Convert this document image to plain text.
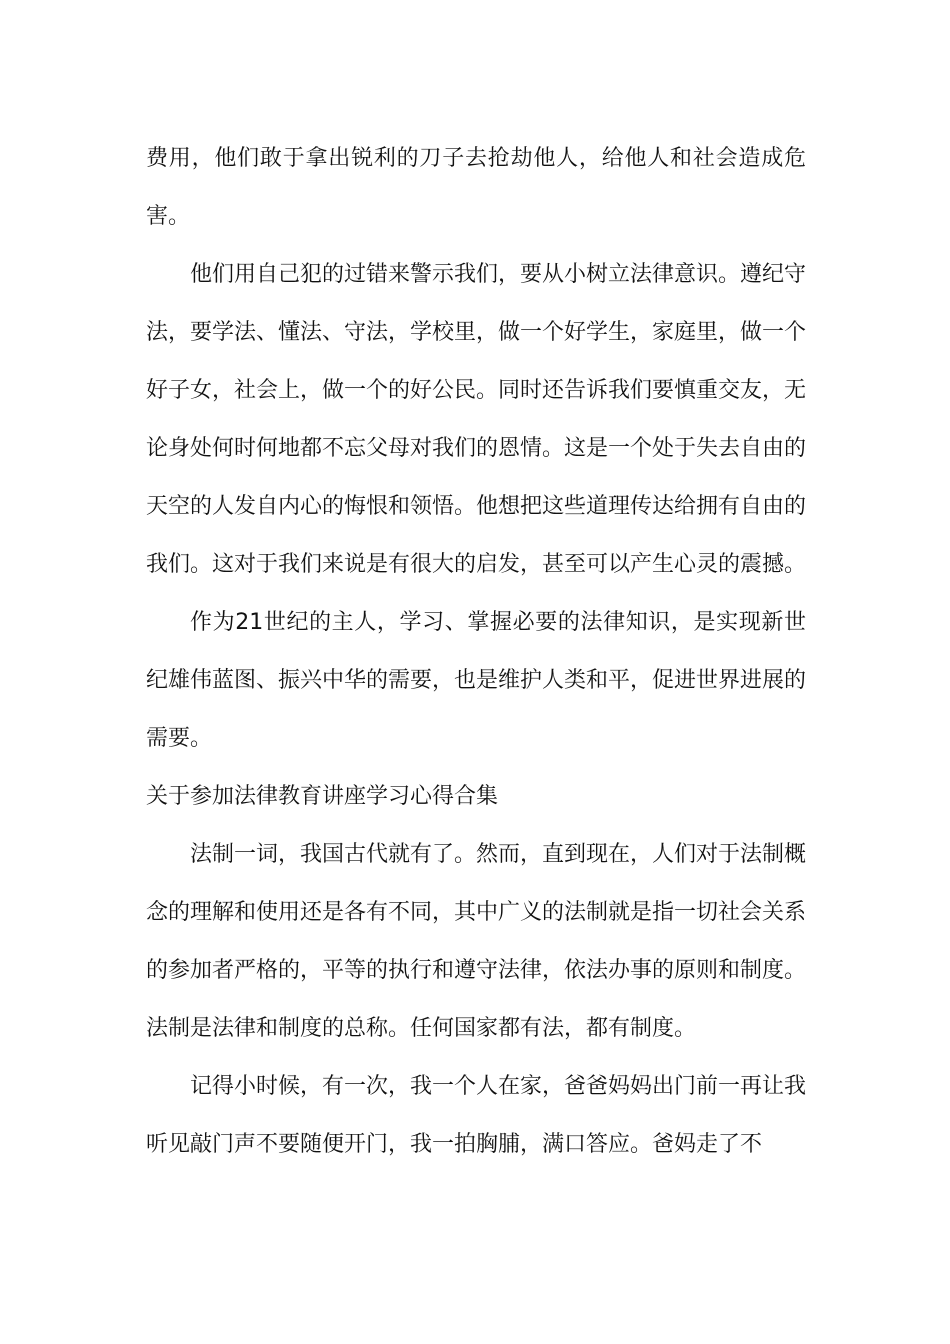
费用，他们敢于拿出锐利的刀子去抢劫他人，给他人和社会造成危害。

他们用自己犯的过错来警示我们，要从小树立法律意识。遵纪守法，要学法、懂法、守法，学校里，做一个好学生，家庭里，做一个好子女，社会上，做一个的好公民。同时还告诉我们要慎重交友，无论身处何时何地都不忘父母对我们的恩情。这是一个处于失去自由的天空的人发自内心的悔恨和领悟。他想把这些道理传达给拥有自由的我们。这对于我们来说是有很大的启发，甚至可以产生心灵的震撼。

作为21世纪的主人，学习、掌握必要的法律知识，是实现新世纪雄伟蓝图、振兴中华的需要，也是维护人类和平，促进世界进展的需要。

关于参加法律教育讲座学习心得合集

法制一词，我国古代就有了。然而，直到现在，人们对于法制概念的理解和使用还是各有不同，其中广义的法制就是指一切社会关系的参加者严格的，平等的执行和遵守法律，依法办事的原则和制度。法制是法律和制度的总称。任何国家都有法，都有制度。

记得小时候，有一次，我一个人在家，爸爸妈妈出门前一再让我听见敲门声不要随便开门，我一拍胸脯，满口答应。爸妈走了不
